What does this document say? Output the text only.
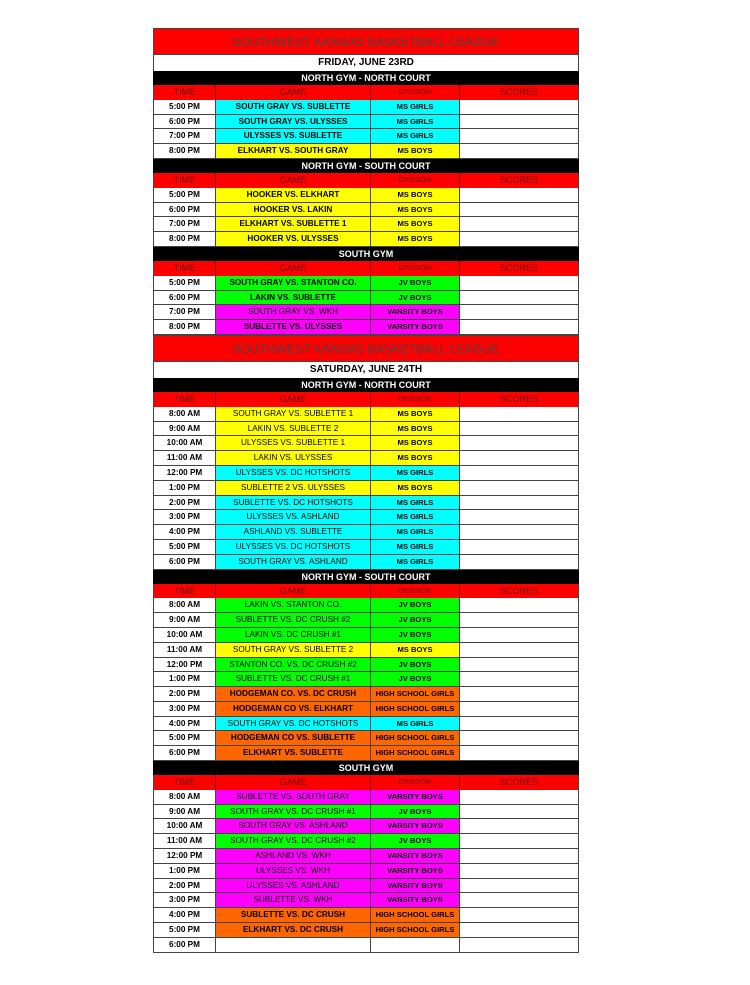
SOUTHWEST KANSAS BASKETBALL LEAGUE
FRIDAY, JUNE 23RD
NORTH GYM - NORTH COURT
TIME	GAME	DIVISION	SCORES
5:00 PM	SOUTH GRAY VS. SUBLETTE	MS GIRLS
6:00 PM	SOUTH GRAY VS. ULYSSES	MS GIRLS
7:00 PM	ULYSSES VS. SUBLETTE	MS GIRLS
8:00 PM	ELKHART VS. SOUTH GRAY	MS BOYS
NORTH GYM - SOUTH COURT
TIME	GAME	DIVISION	SCORES
5:00 PM	HOOKER VS. ELKHART	MS BOYS
6:00 PM	HOOKER VS. LAKIN	MS BOYS
7:00 PM	ELKHART VS. SUBLETTE 1	MS BOYS
8:00 PM	HOOKER VS. ULYSSES	MS BOYS
SOUTH GYM
TIME	GAME	DIVISION	SCORES
5:00 PM	SOUTH GRAY VS. STANTON CO.	JV BOYS
6:00 PM	LAKIN VS. SUBLETTE	JV BOYS
7:00 PM	SOUTH GRAY VS. WKH	VARSITY BOYS
8:00 PM	SUBLETTE VS. ULYSSES	VARSITY BOYS
SOUTHWEST KANSAS BASKETBALL LEAGUE
SATURDAY, JUNE 24TH
NORTH GYM - NORTH COURT
TIME	GAME	DIVISION	SCORES
8:00 AM	SOUTH GRAY VS. SUBLETTE 1	MS BOYS
9:00 AM	LAKIN VS. SUBLETTE 2	MS BOYS
10:00 AM	ULYSSES VS. SUBLETTE 1	MS BOYS
11:00 AM	LAKIN VS. ULYSSES	MS BOYS
12:00 PM	ULYSSES VS. DC HOTSHOTS	MS GIRLS
1:00 PM	SUBLETTE 2 VS. ULYSSES	MS BOYS
2:00 PM	SUBLETTE VS. DC HOTSHOTS	MS GIRLS
3:00 PM	ULYSSES VS. ASHLAND	MS GIRLS
4:00 PM	ASHLAND VS. SUBLETTE	MS GIRLS
5:00 PM	ULYSSES VS. DC HOTSHOTS	MS GIRLS
6:00 PM	SOUTH GRAY VS. ASHLAND	MS GIRLS
NORTH GYM - SOUTH COURT
TIME	GAME	DIVISION	SCORES
8:00 AM	LAKIN VS. STANTON CO.	JV BOYS
9:00 AM	SUBLETTE VS. DC CRUSH #2	JV BOYS
10:00 AM	LAKIN VS. DC CRUSH #1	JV BOYS
11:00 AM	SOUTH GRAY VS. SUBLETTE 2	MS BOYS
12:00 PM	STANTON CO. VS. DC CRUSH #2	JV BOYS
1:00 PM	SUBLETTE VS. DC CRUSH #1	JV BOYS
2:00 PM	HODGEMAN CO. VS. DC CRUSH	HIGH SCHOOL GIRLS
3:00 PM	HODGEMAN CO VS. ELKHART	HIGH SCHOOL GIRLS
4:00 PM	SOUTH GRAY VS. DC HOTSHOTS	MS GIRLS
5:00 PM	HODGEMAN CO VS. SUBLETTE	HIGH SCHOOL GIRLS
6:00 PM	ELKHART VS. SUBLETTE	HIGH SCHOOL GIRLS
SOUTH GYM
TIME	GAME	DIVISION	SCORES
8:00 AM	SUBLETTE VS. SOUTH GRAY	VARSITY BOYS
9:00 AM	SOUTH GRAY VS. DC CRUSH #1	JV BOYS
10:00 AM	SOUTH GRAY VS. ASHLAND	VARSITY BOYS
11:00 AM	SOUTH GRAY VS. DC CRUSH #2	JV BOYS
12:00 PM	ASHLAND VS. WKH	VARSITY BOYS
1:00 PM	ULYSSES VS. WKH	VARSITY BOYS
2:00 PM	ULYSSES VS. ASHLAND	VARSITY BOYS
3:00 PM	SUBLETTE VS. WKH	VARSITY BOYS
4:00 PM	SUBLETTE VS. DC CRUSH	HIGH SCHOOL GIRLS
5:00 PM	ELKHART VS. DC CRUSH	HIGH SCHOOL GIRLS
6:00 PM
